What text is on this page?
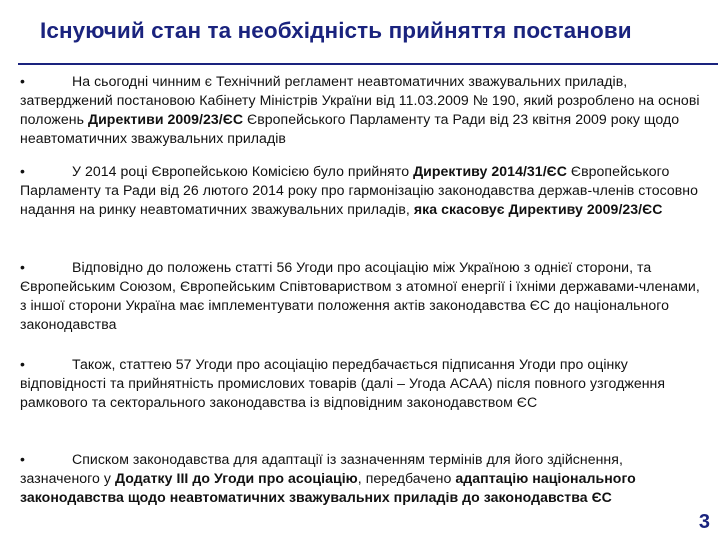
Існуючий стан та необхідність прийняття постанови

•	На сьогодні чинним є Технічний регламент неавтоматичних зважувальних приладів, затверджений постановою Кабінету Міністрів України від 11.03.2009 № 190, який розроблено на основі положень Директиви 2009/23/ЄС Європейського Парламенту та Ради від 23 квітня 2009 року щодо неавтоматичних зважувальних приладів

•	У 2014 році Європейською Комісією було прийнято Директиву 2014/31/ЄС Європейського Парламенту та Ради від 26 лютого 2014 року про гармонізацію законодавства держав-членів стосовно надання на ринку неавтоматичних зважувальних приладів, яка скасовує Директиву 2009/23/ЄС

•	Відповідно до положень статті 56 Угоди про асоціацію між Україною з однієї сторони, та Європейським Союзом, Європейським Співтовариством з атомної енергії і їхніми державами-членами, з іншої сторони Україна має імплементувати положення актів законодавства ЄС до національного законодавства

•	Також, статтею 57 Угоди про асоціацію передбачається підписання Угоди про оцінку відповідності та прийнятність промислових товарів (далі – Угода АСАА) після повного узгодження рамкового та секторального законодавства із відповідним законодавством ЄС

•	Списком законодавства для адаптації із зазначенням термінів для його здійснення, зазначеного у Додатку ІІІ до Угоди про асоціацію, передбачено адаптацію національного законодавства щодо неавтоматичних зважувальних приладів до законодавства ЄС

3
